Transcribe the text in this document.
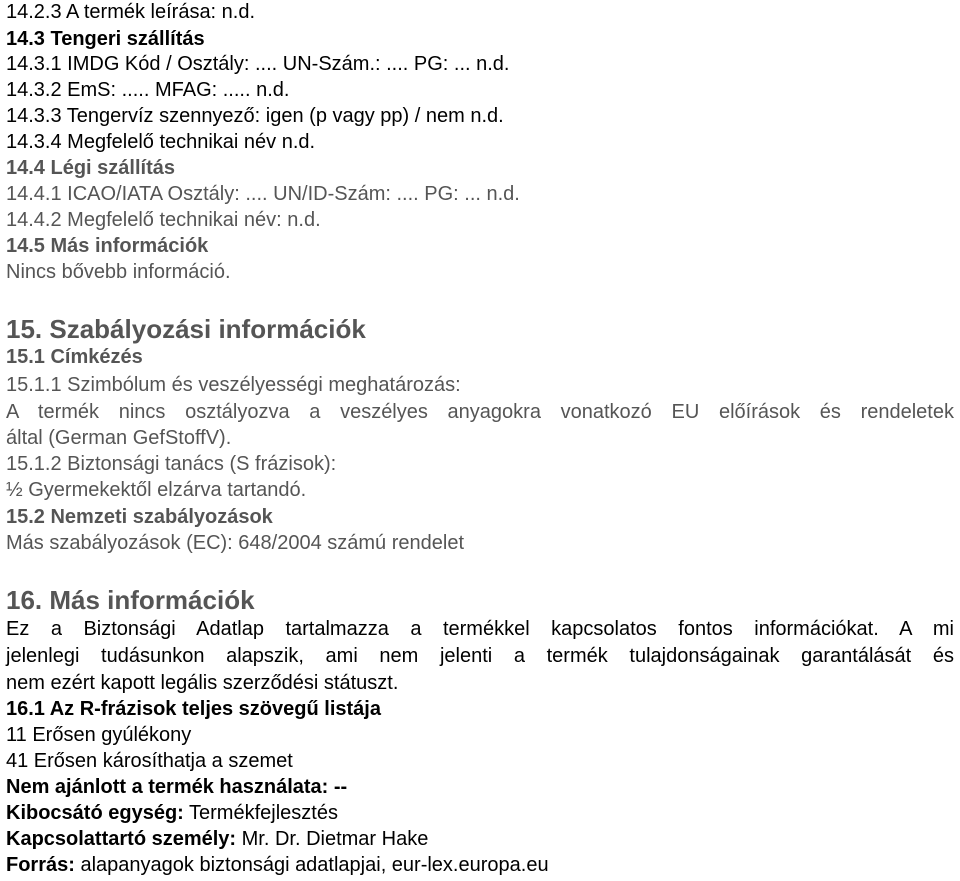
14.2.3 A termék leírása: n.d.
14.3 Tengeri szállítás
14.3.1 IMDG Kód / Osztály: .... UN-Szám.: .... PG: ... n.d.
14.3.2 EmS: ..... MFAG: ..... n.d.
14.3.3 Tengervíz szennyező: igen (p vagy pp) / nem n.d.
14.3.4 Megfelelő technikai név n.d.
14.4 Légi szállítás
14.4.1 ICAO/IATA Osztály: .... UN/ID-Szám: .... PG: ... n.d.
14.4.2 Megfelelő technikai név: n.d.
14.5 Más információk
Nincs bővebb információ.
15. Szabályozási információk
15.1 Címkézés
15.1.1 Szimbólum és veszélyességi meghatározás:
A termék nincs osztályozva a veszélyes anyagokra vonatkozó EU előírások és rendeletek
által (German GefStoffV).
15.1.2 Biztonsági tanács (S frázisok):
½ Gyermekektől elzárva tartandó.
15.2 Nemzeti szabályozások
Más szabályozások (EC): 648/2004 számú rendelet
16. Más információk
Ez a Biztonsági Adatlap tartalmazza a termékkel kapcsolatos fontos információkat. A mi
jelenlegi tudásunkon alapszik, ami nem jelenti a termék tulajdonságainak garantálását és
nem ezért kapott legális szerződési státuszt.
16.1 Az R-frázisok teljes szövegű listája
11 Erősen gyúlékony
41 Erősen károsíthatja a szemet
Nem ajánlott a termék használata: --
Kibocsátó egység: Termékfejlesztés
Kapcsolattartó személy: Mr. Dr. Dietmar Hake
Forrás: alapanyagok biztonsági adatlapjai, eur-lex.europa.eu
